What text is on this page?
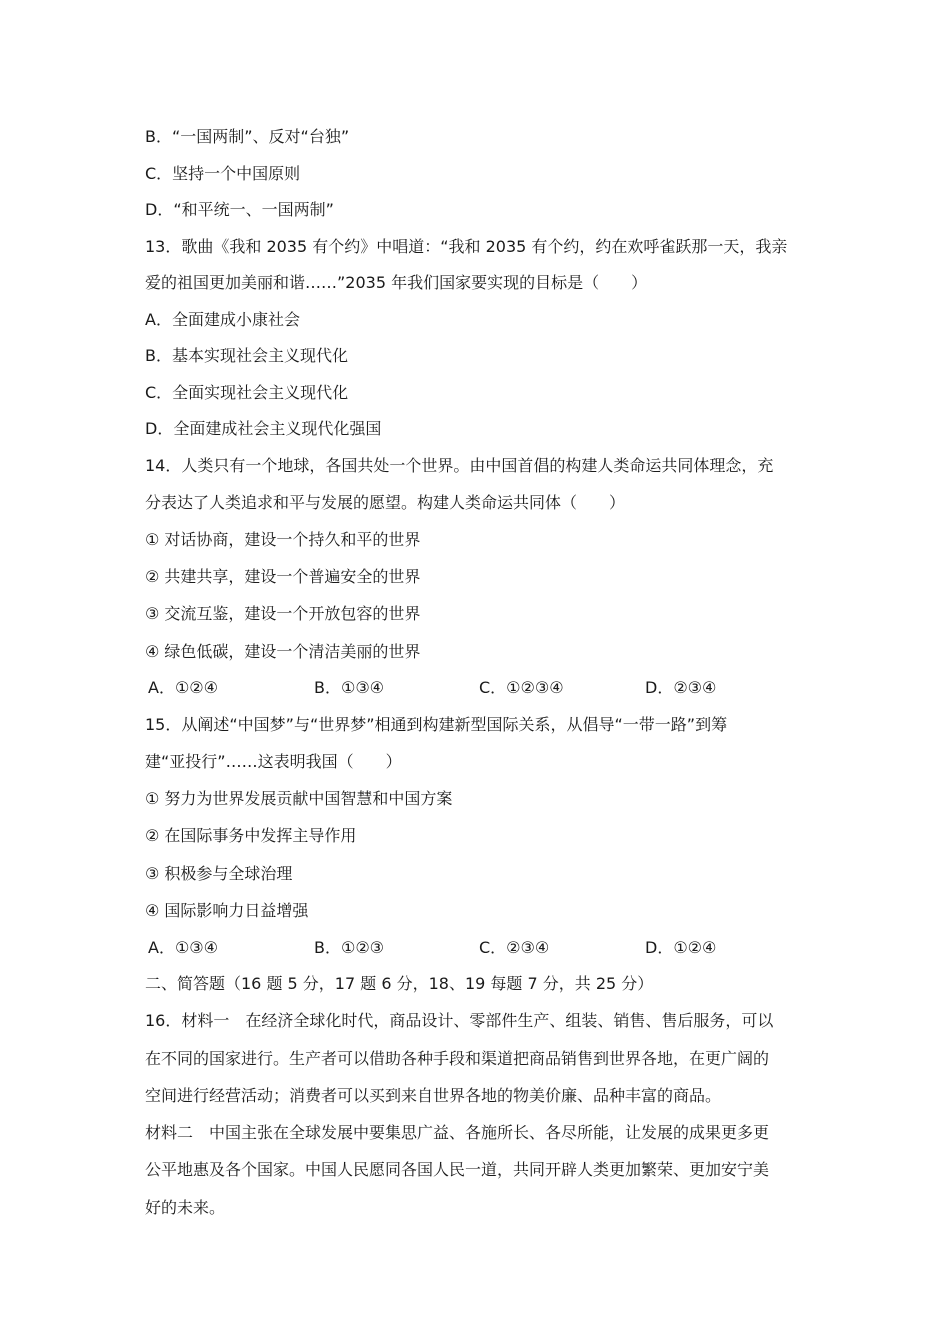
B．“一国两制”、反对“台独”
C．坚持一个中国原则
D．“和平统一、一国两制”
13．歌曲《我和 2035 有个约》中唱道：“我和 2035 有个约，约在欢呼雀跃那一天，我亲
爱的祖国更加美丽和谐……”2035 年我们国家要实现的目标是（　　）
A．全面建成小康社会
B．基本实现社会主义现代化
C．全面实现社会主义现代化
D．全面建成社会主义现代化强国
14．人类只有一个地球，各国共处一个世界。由中国首倡的构建人类命运共同体理念，充
分表达了人类追求和平与发展的愿望。构建人类命运共同体（　　）
① 对话协商，建设一个持久和平的世界
② 共建共享，建设一个普遍安全的世界
③ 交流互鉴，建设一个开放包容的世界
④ 绿色低碳，建设一个清洁美丽的世界
A．①②④	B．①③④	C．①②③④	D．②③④
15．从阐述“中国梦”与“世界梦”相通到构建新型国际关系，从倡导“一带一路”到筹
建“亚投行”……这表明我国（　　）
① 努力为世界发展贡献中国智慧和中国方案
② 在国际事务中发挥主导作用
③ 积极参与全球治理
④ 国际影响力日益增强
A．①③④	B．①②③	C．②③④	D．①②④
二、简答题（16 题 5 分，17 题 6 分，18、19 每题 7 分，共 25 分）
16．材料一　在经济全球化时代，商品设计、零部件生产、组装、销售、售后服务，可以
在不同的国家进行。生产者可以借助各种手段和渠道把商品销售到世界各地，在更广阔的
空间进行经营活动；消费者可以买到来自世界各地的物美价廉、品种丰富的商品。
材料二　中国主张在全球发展中要集思广益、各施所长、各尽所能，让发展的成果更多更
公平地惠及各个国家。中国人民愿同各国人民一道，共同开辟人类更加繁荣、更加安宁美
好的未来。
